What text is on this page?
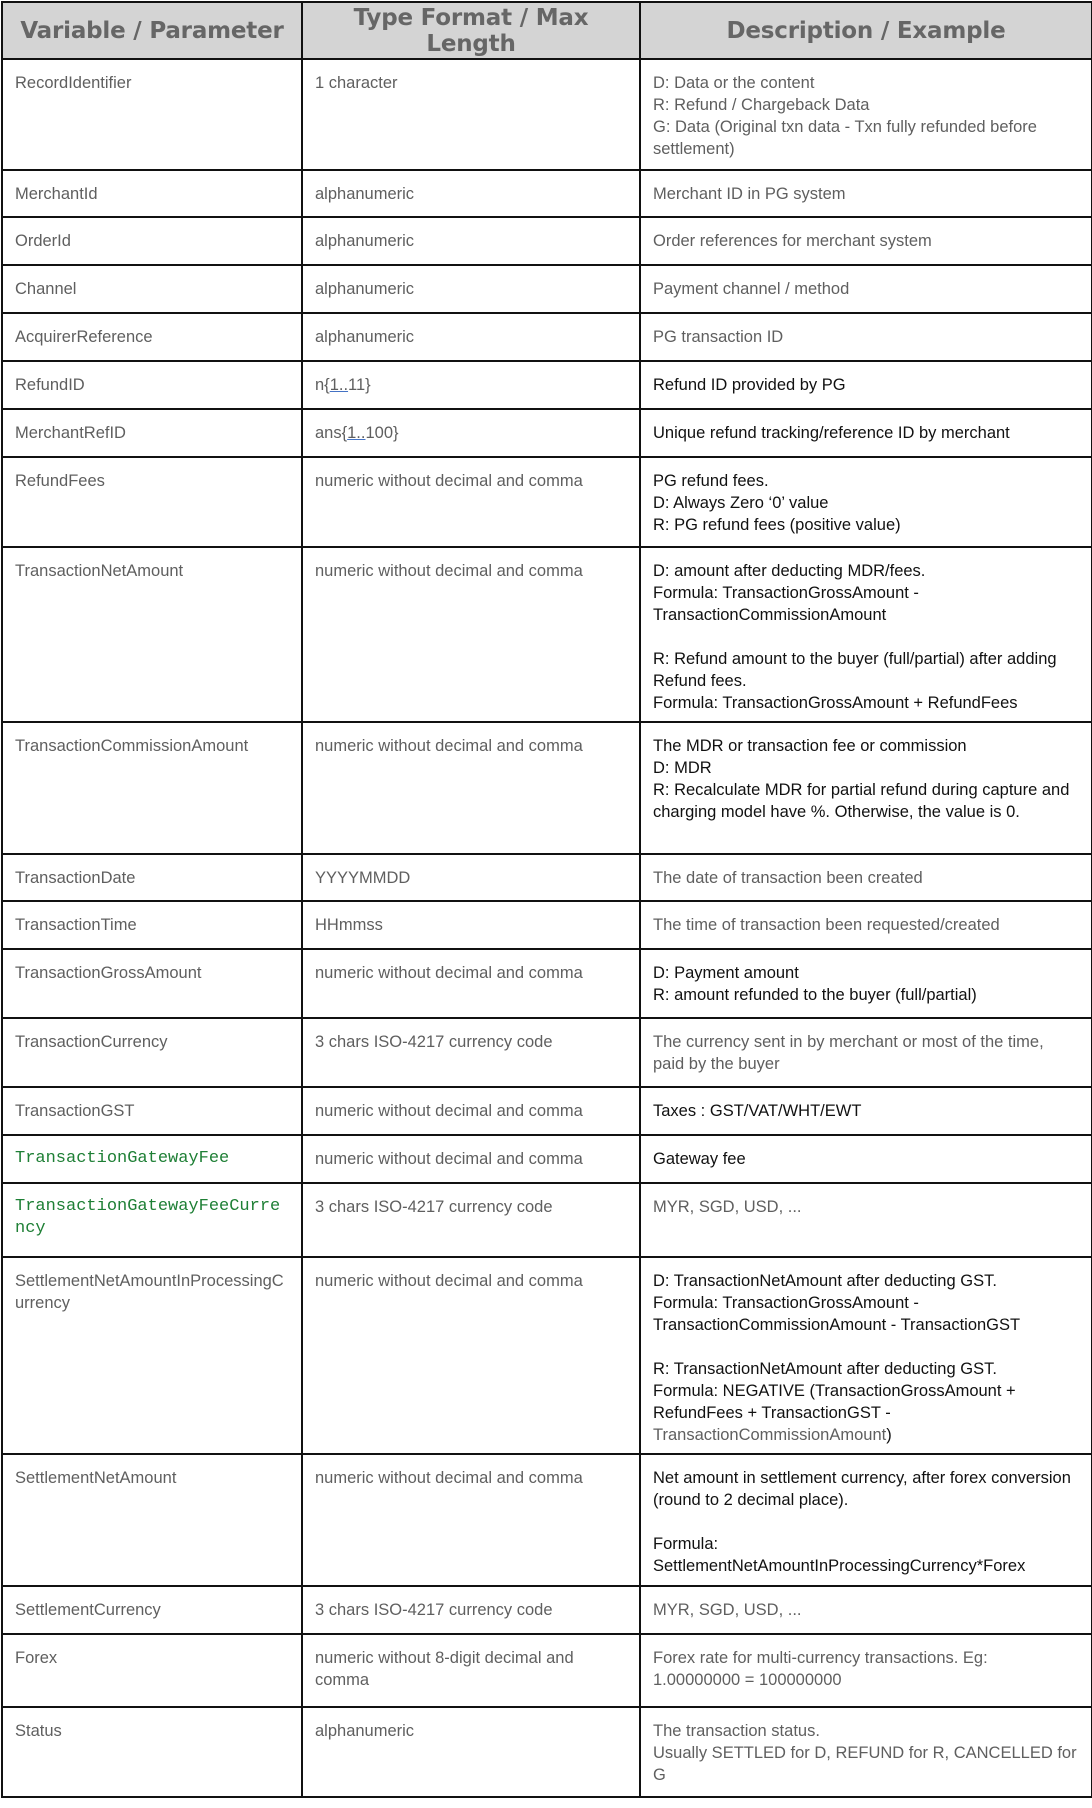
Variable / Parameter	Type Format / Max Length	Description / Example
RecordIdentifier	1 character	D: Data or the content
R: Refund / Chargeback Data
G: Data (Original txn data - Txn fully refunded before settlement)
MerchantId	alphanumeric	Merchant ID in PG system
OrderId	alphanumeric	Order references for merchant system
Channel	alphanumeric	Payment channel / method
AcquirerReference	alphanumeric	PG transaction ID
RefundID	n{1..11}	Refund ID provided by PG
MerchantRefID	ans{1..100}	Unique refund tracking/reference ID by merchant
RefundFees	numeric without decimal and comma	PG refund fees.
D: Always Zero ‘0’ value
R: PG refund fees (positive value)
TransactionNetAmount	numeric without decimal and comma	D: amount after deducting MDR/fees.
Formula: TransactionGrossAmount - TransactionCommissionAmount

R: Refund amount to the buyer (full/partial) after adding Refund fees.
Formula: TransactionGrossAmount + RefundFees
TransactionCommissionAmount	numeric without decimal and comma	The MDR or transaction fee or commission
D: MDR
R: Recalculate MDR for partial refund during capture and charging model have %. Otherwise, the value is 0.
TransactionDate	YYYYMMDD	The date of transaction been created
TransactionTime	HHmmss	The time of transaction been requested/created
TransactionGrossAmount	numeric without decimal and comma	D: Payment amount
R: amount refunded to the buyer (full/partial)
TransactionCurrency	3 chars ISO-4217 currency code	The currency sent in by merchant or most of the time, paid by the buyer
TransactionGST	numeric without decimal and comma	Taxes : GST/VAT/WHT/EWT
TransactionGatewayFee	numeric without decimal and comma	Gateway fee
TransactionGatewayFeeCurrency	3 chars ISO-4217 currency code	MYR, SGD, USD, ...
SettlementNetAmountInProcessingCurrency	numeric without decimal and comma	D: TransactionNetAmount after deducting GST.
Formula: TransactionGrossAmount - TransactionCommissionAmount - TransactionGST

R: TransactionNetAmount after deducting GST.
Formula: NEGATIVE (TransactionGrossAmount + RefundFees + TransactionGST -
TransactionCommissionAmount)
SettlementNetAmount	numeric without decimal and comma	Net amount in settlement currency, after forex conversion (round to 2 decimal place).

Formula: SettlementNetAmountInProcessingCurrency*Forex
SettlementCurrency	3 chars ISO-4217 currency code	MYR, SGD, USD, ...
Forex	numeric without 8-digit decimal and comma	Forex rate for multi-currency transactions. Eg: 1.00000000 = 100000000
Status	alphanumeric	The transaction status.
Usually SETTLED for D, REFUND for R, CANCELLED for G
